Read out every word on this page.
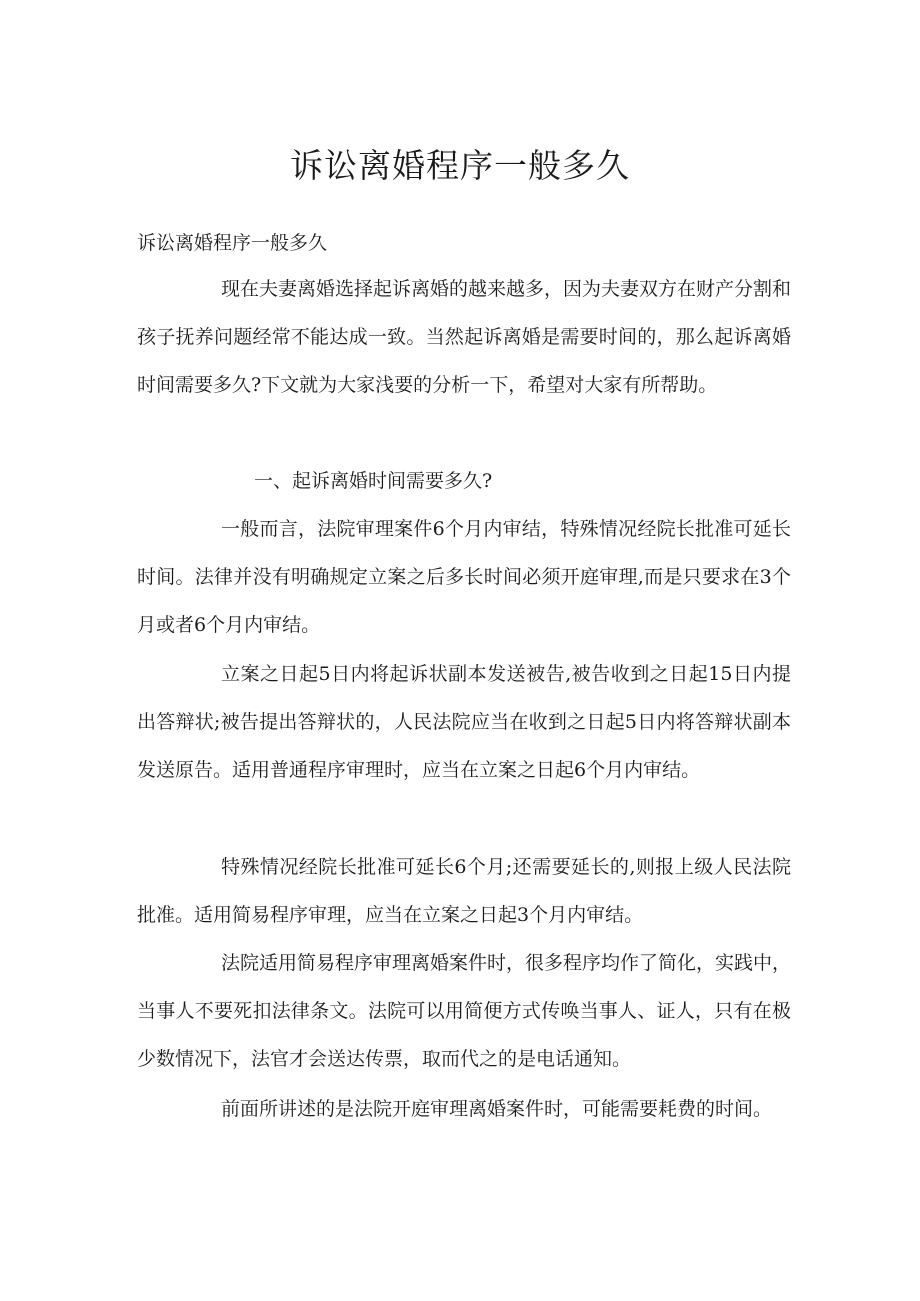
诉讼离婚程序一般多久

诉讼离婚程序一般多久

现在夫妻离婚选择起诉离婚的越来越多，因为夫妻双方在财产分割和孩子抚养问题经常不能达成一致。当然起诉离婚是需要时间的，那么起诉离婚时间需要多久?下文就为大家浅要的分析一下，希望对大家有所帮助。

一、起诉离婚时间需要多久?

一般而言，法院审理案件6个月内审结，特殊情况经院长批准可延长时间。法律并没有明确规定立案之后多长时间必须开庭审理,而是只要求在3个月或者6个月内审结。

立案之日起5日内将起诉状副本发送被告,被告收到之日起15日内提出答辩状;被告提出答辩状的，人民法院应当在收到之日起5日内将答辩状副本发送原告。适用普通程序审理时，应当在立案之日起6个月内审结。

特殊情况经院长批准可延长6个月;还需要延长的,则报上级人民法院批准。适用简易程序审理，应当在立案之日起3个月内审结。

法院适用简易程序审理离婚案件时，很多程序均作了简化，实践中，当事人不要死扣法律条文。法院可以用简便方式传唤当事人、证人，只有在极少数情况下，法官才会送达传票，取而代之的是电话通知。

前面所讲述的是法院开庭审理离婚案件时，可能需要耗费的时间。
